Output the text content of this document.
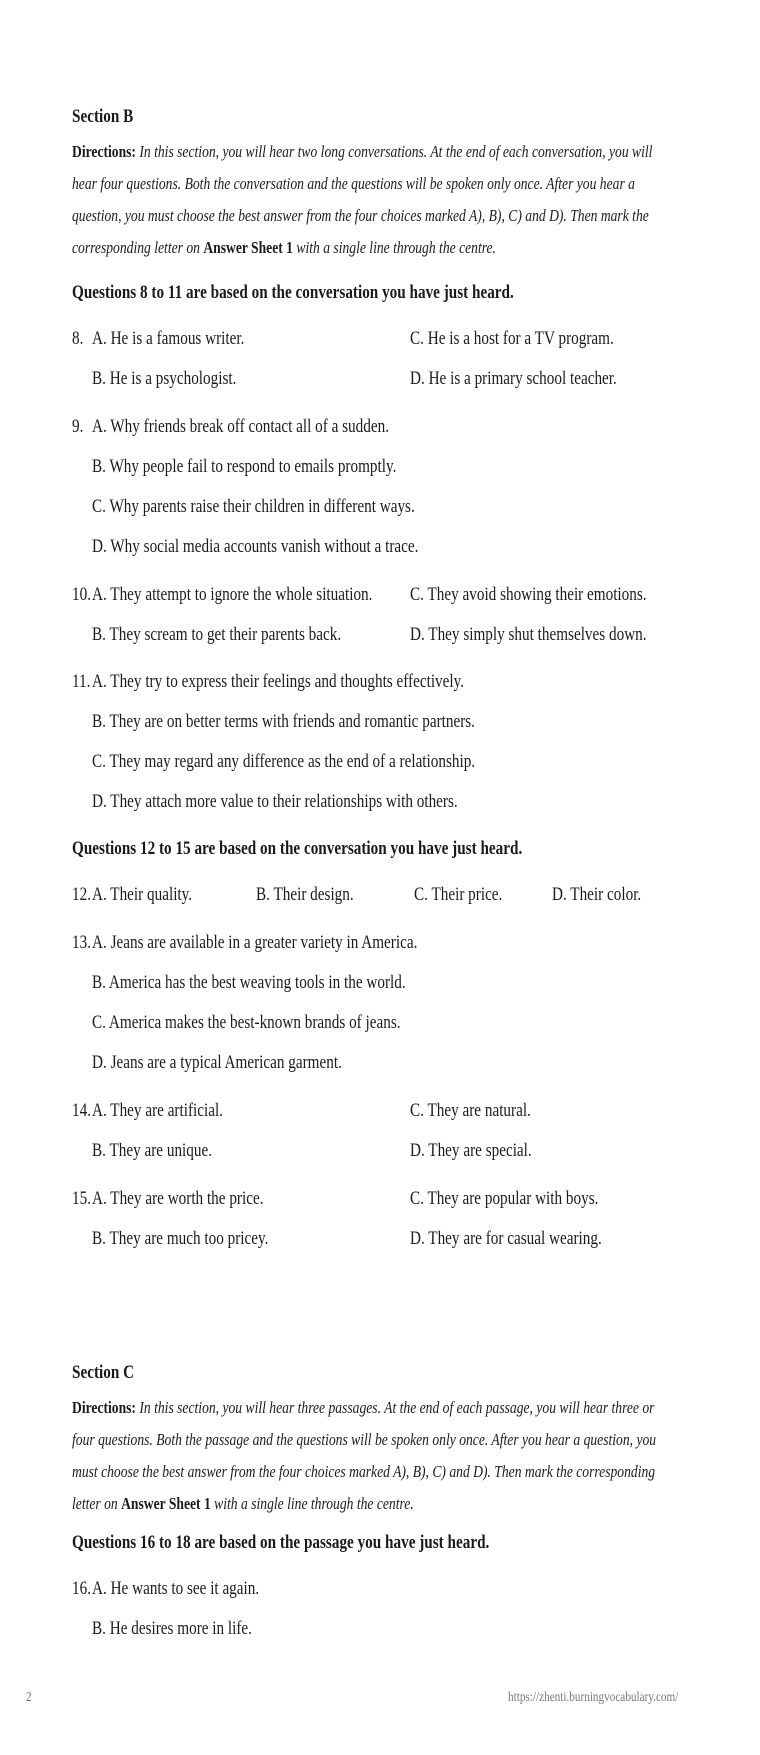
Section B
Directions: In this section, you will hear two long conversations. At the end of each conversation, you will
hear four questions. Both the conversation and the questions will be spoken only once. After you hear a
question, you must choose the best answer from the four choices marked A), B), C) and D). Then mark the
corresponding letter on Answer Sheet 1 with a single line through the centre.
Questions 8 to 11 are based on the conversation you have just heard.
8. A. He is a famous writer.	C. He is a host for a TV program.
B. He is a psychologist.	D. He is a primary school teacher.
9. A. Why friends break off contact all of a sudden.
B. Why people fail to respond to emails promptly.
C. Why parents raise their children in different ways.
D. Why social media accounts vanish without a trace.
10. A. They attempt to ignore the whole situation.	C. They avoid showing their emotions.
B. They scream to get their parents back.	D. They simply shut themselves down.
11. A. They try to express their feelings and thoughts effectively.
B. They are on better terms with friends and romantic partners.
C. They may regard any difference as the end of a relationship.
D. They attach more value to their relationships with others.
Questions 12 to 15 are based on the conversation you have just heard.
12. A. Their quality.	B. Their design.	C. Their price.	D. Their color.
13. A. Jeans are available in a greater variety in America.
B. America has the best weaving tools in the world.
C. America makes the best-known brands of jeans.
D. Jeans are a typical American garment.
14. A. They are artificial.	C. They are natural.
B. They are unique.	D. They are special.
15. A. They are worth the price.	C. They are popular with boys.
B. They are much too pricey.	D. They are for casual wearing.
Section C
Directions: In this section, you will hear three passages. At the end of each passage, you will hear three or
four questions. Both the passage and the questions will be spoken only once. After you hear a question, you
must choose the best answer from the four choices marked A), B), C) and D). Then mark the corresponding
letter on Answer Sheet 1 with a single line through the centre.
Questions 16 to 18 are based on the passage you have just heard.
16. A. He wants to see it again.
B. He desires more in life.
2	https://zhenti.burningvocabulary.com/
